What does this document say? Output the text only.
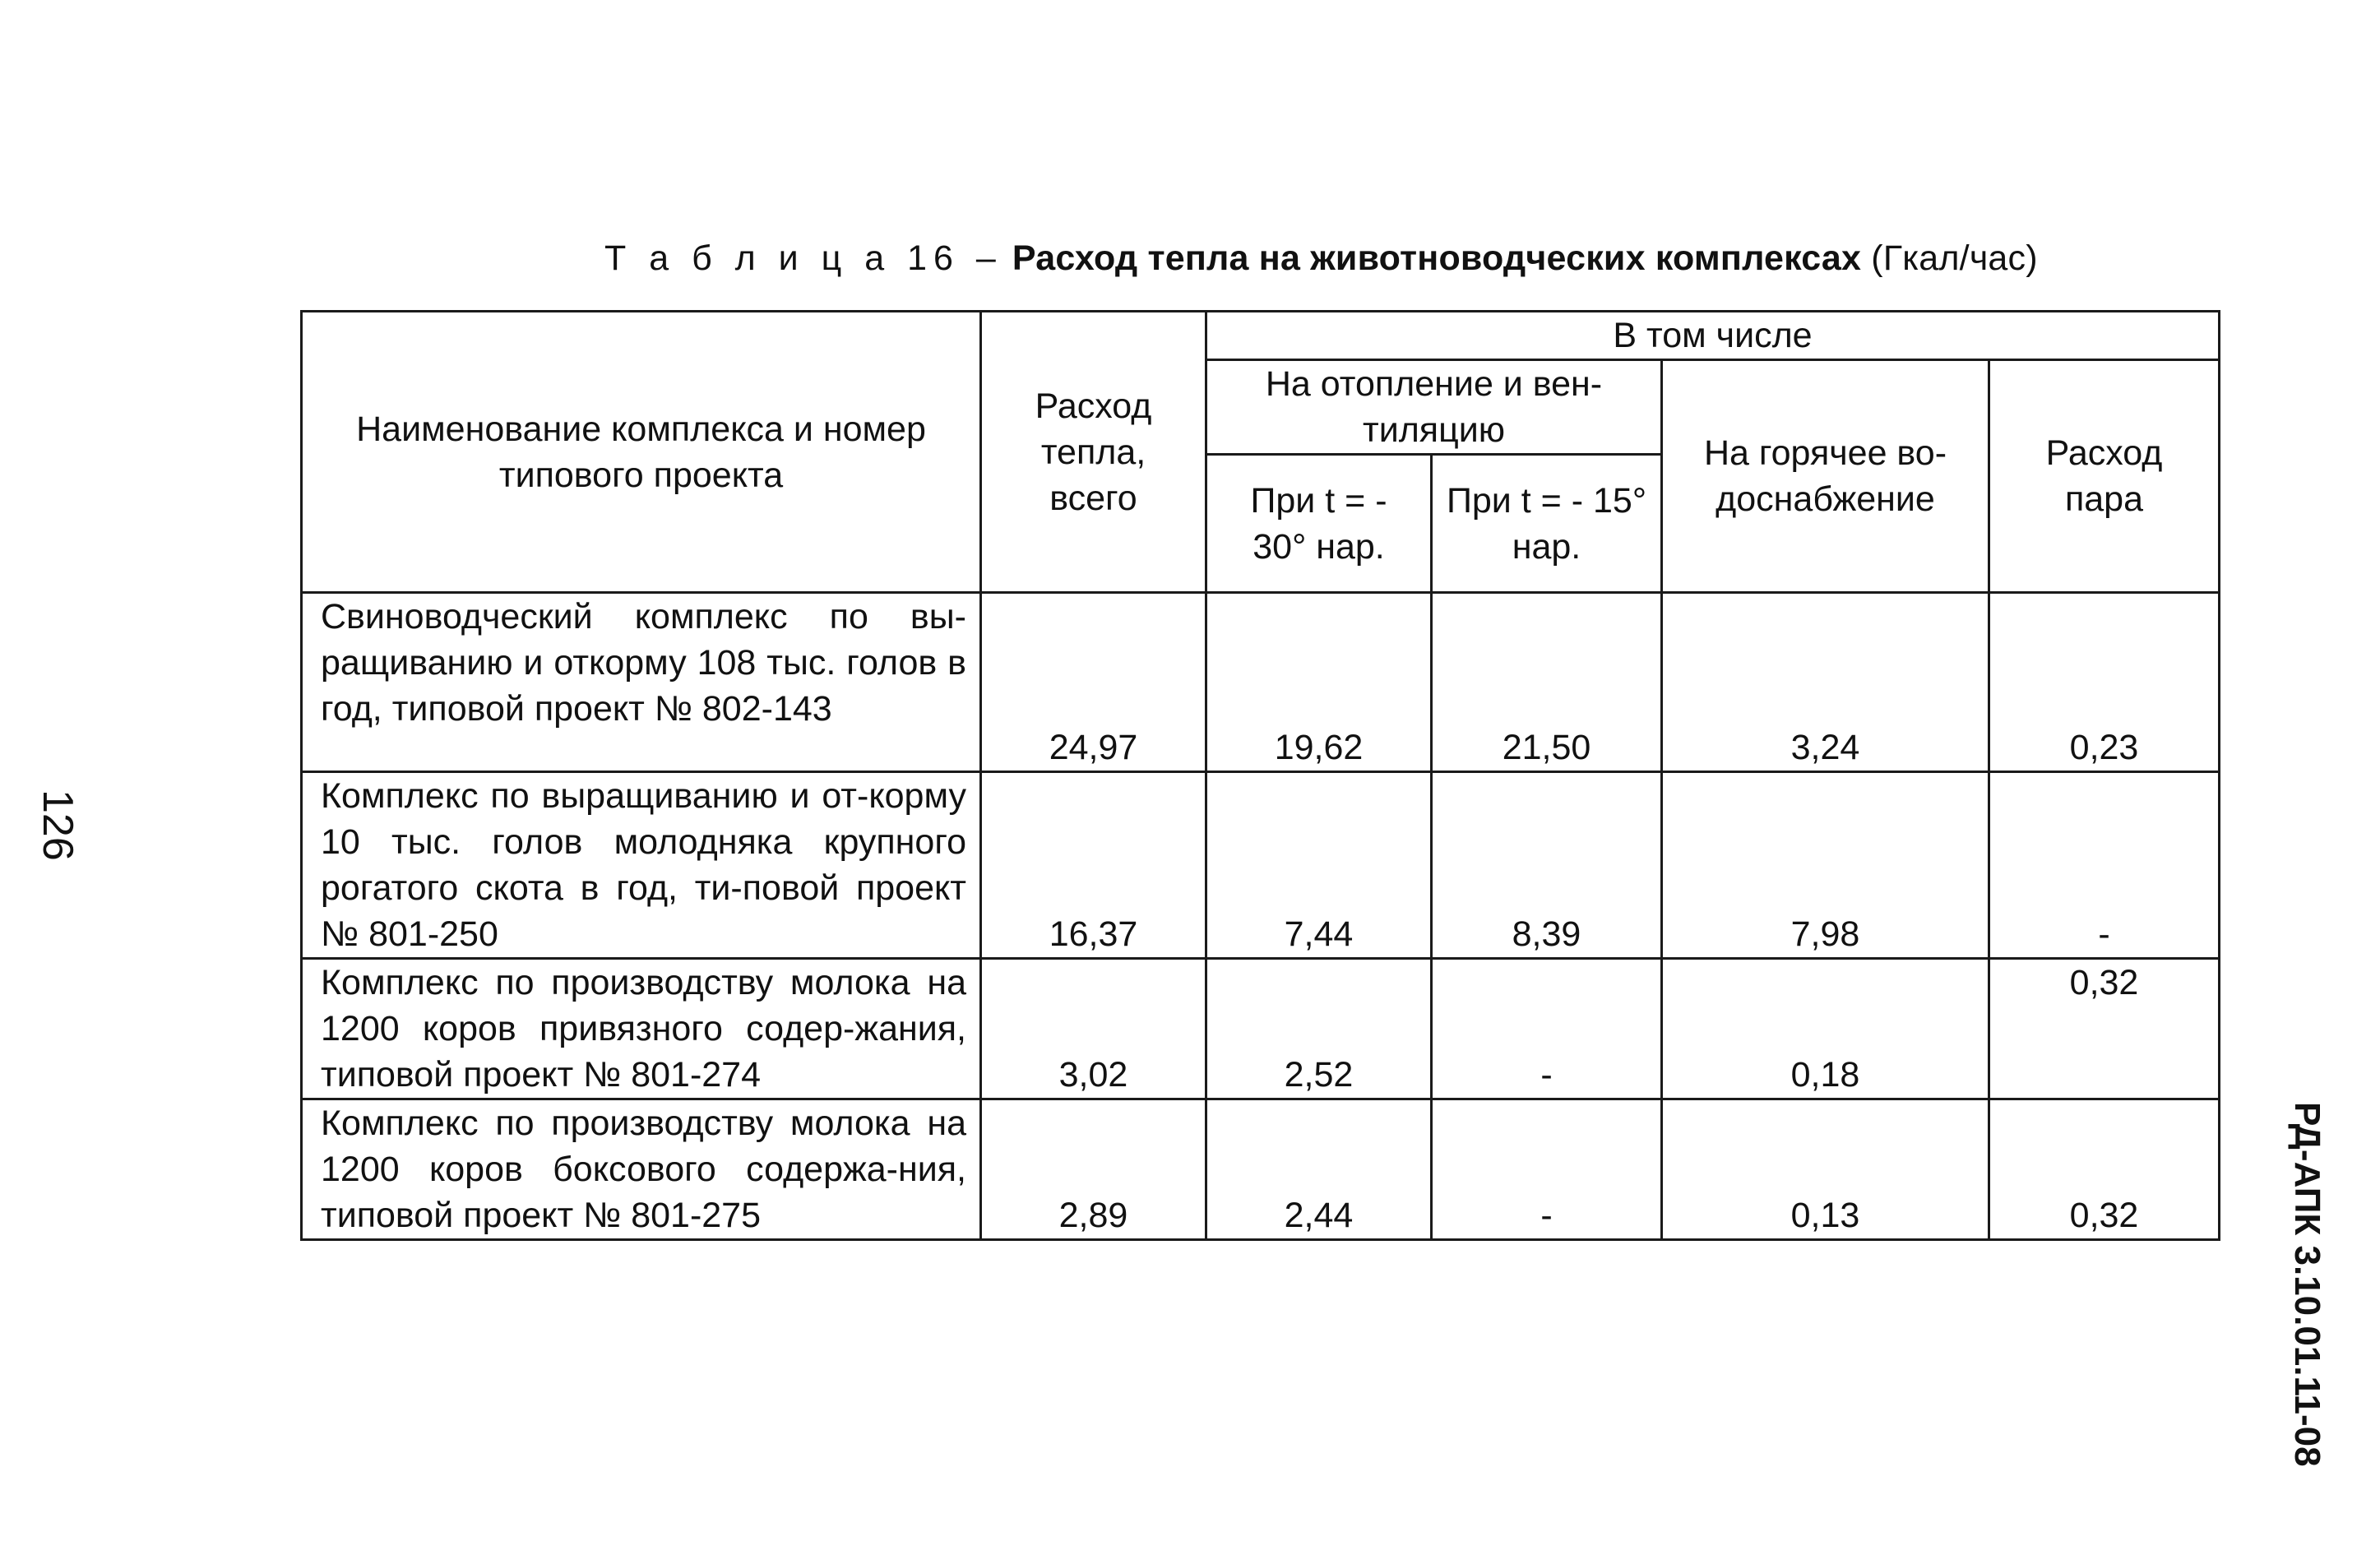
Т а б л и ц а 16 – Расход тепла на животноводческих комплексах (Гкал/час)
Наименование комплекса и номер типового проекта	Расход тепла, всего	В том числе			
		На отопление и вен-тиляцию		На горячее во-доснабжение	Расход пара
		При t = - 30° нар.	При t = - 15° нар.		
Свиноводческий комплекс по вы-ращиванию и откорму 108 тыс. голов в год, типовой проект № 802-143	24,97	19,62	21,50	3,24	0,23
Комплекс по выращиванию и от-корму 10 тыс. голов молодняка крупного рогатого скота в год, ти-повой проект № 801-250	16,37	7,44	8,39	7,98	-
Комплекс по производству молока на 1200 коров привязного содер-жания, типовой проект № 801-274	3,02	2,52	-	0,18	0,32
Комплекс по производству молока на 1200 коров боксового содержа-ния, типовой проект № 801-275	2,89	2,44	-	0,13	0,32
126
РД-АПК 3.10.01.11-08
